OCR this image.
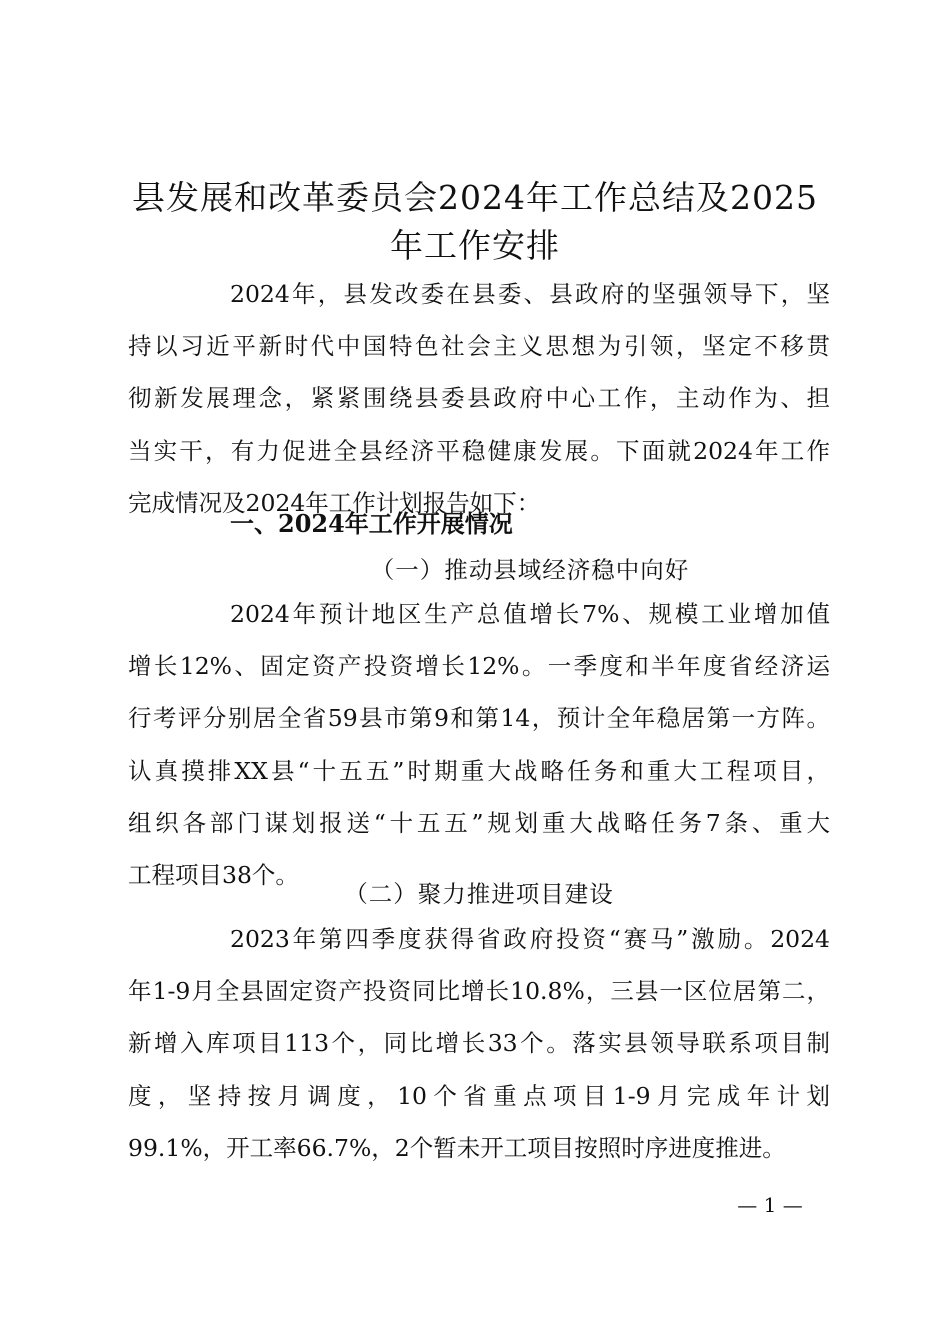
县发展和改革委员会2024年工作总结及2025
年工作安排
2024年，县发改委在县委、县政府的坚强领导下，坚
持以习近平新时代中国特色社会主义思想为引领，坚定不移贯
彻新发展理念，紧紧围绕县委县政府中心工作，主动作为、担
当实干，有力促进全县经济平稳健康发展。下面就2024年工作
完成情况及2024年工作计划报告如下：
一、2024年工作开展情况
（一）推动县域经济稳中向好
2024年预计地区生产总值增长7%、规模工业增加值
增长12%、固定资产投资增长12%。一季度和半年度省经济运
行考评分别居全省59县市第9和第14，预计全年稳居第一方阵。
认真摸排XX县“十五五”时期重大战略任务和重大工程项目，
组织各部门谋划报送“十五五”规划重大战略任务7条、重大
工程项目38个。
（二）聚力推进项目建设
2023年第四季度获得省政府投资“赛马”激励。2024
年1-9月全县固定资产投资同比增长10.8%，三县一区位居第二，
新增入库项目113个，同比增长33个。落实县领导联系项目制
度，坚持按月调度，10个省重点项目1-9月完成年计划
99.1%，开工率66.7%，2个暂未开工项目按照时序进度推进。
— 1 —
